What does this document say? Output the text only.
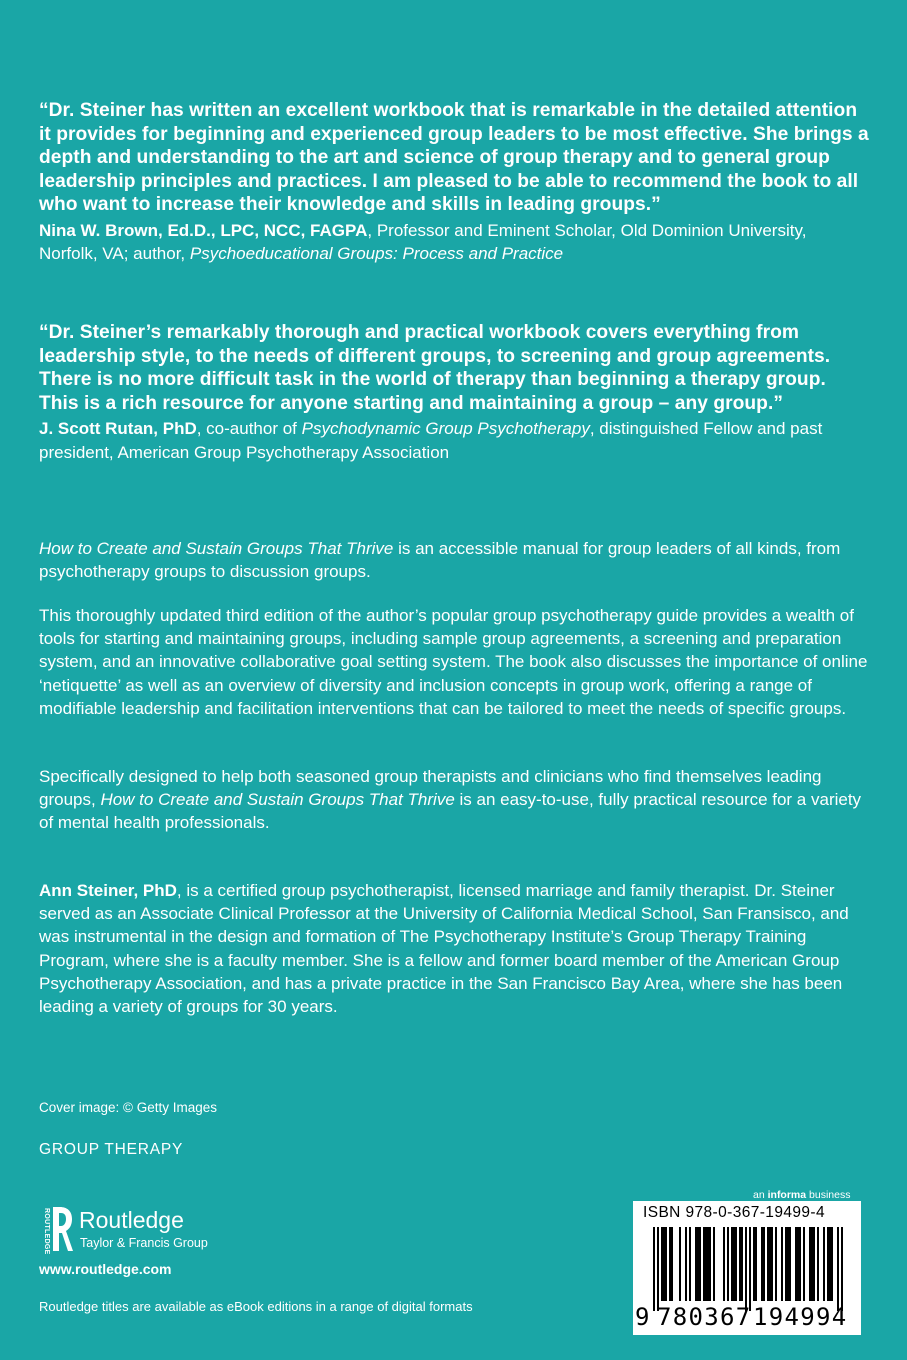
“Dr. Steiner has written an excellent workbook that is remarkable in the detailed attention it provides for beginning and experienced group leaders to be most effective. She brings a depth and understanding to the art and science of group therapy and to general group leadership principles and practices. I am pleased to be able to recommend the book to all who want to increase their knowledge and skills in leading groups.”
Nina W. Brown, Ed.D., LPC, NCC, FAGPA, Professor and Eminent Scholar, Old Dominion University, Norfolk, VA; author, Psychoeducational Groups: Process and Practice
“Dr. Steiner’s remarkably thorough and practical workbook covers everything from leadership style, to the needs of different groups, to screening and group agreements. There is no more difficult task in the world of therapy than beginning a therapy group. This is a rich resource for anyone starting and maintaining a group – any group.”
J. Scott Rutan, PhD, co-author of Psychodynamic Group Psychotherapy, distinguished Fellow and past president, American Group Psychotherapy Association
How to Create and Sustain Groups That Thrive is an accessible manual for group leaders of all kinds, from psychotherapy groups to discussion groups.
This thoroughly updated third edition of the author’s popular group psychotherapy guide provides a wealth of tools for starting and maintaining groups, including sample group agreements, a screening and preparation system, and an innovative collaborative goal setting system. The book also discusses the importance of online ‘netiquette’ as well as an overview of diversity and inclusion concepts in group work, offering a range of modifiable leadership and facilitation interventions that can be tailored to meet the needs of specific groups.
Specifically designed to help both seasoned group therapists and clinicians who find themselves leading groups, How to Create and Sustain Groups That Thrive is an easy-to-use, fully practical resource for a variety of mental health professionals.
Ann Steiner, PhD, is a certified group psychotherapist, licensed marriage and family therapist. Dr. Steiner served as an Associate Clinical Professor at the University of California Medical School, San Fransisco, and was instrumental in the design and formation of The Psychotherapy Institute’s Group Therapy Training Program, where she is a faculty member. She is a fellow and former board member of the American Group Psychotherapy Association, and has a private practice in the San Francisco Bay Area, where she has been leading a variety of groups for 30 years.
Cover image: © Getty Images
GROUP THERAPY
ROUTLEDGE Routledge
Taylor & Francis Group
www.routledge.com
Routledge titles are available as eBook editions in a range of digital formats
an informa business
ISBN 978-0-367-19499-4
9 780367 194994
